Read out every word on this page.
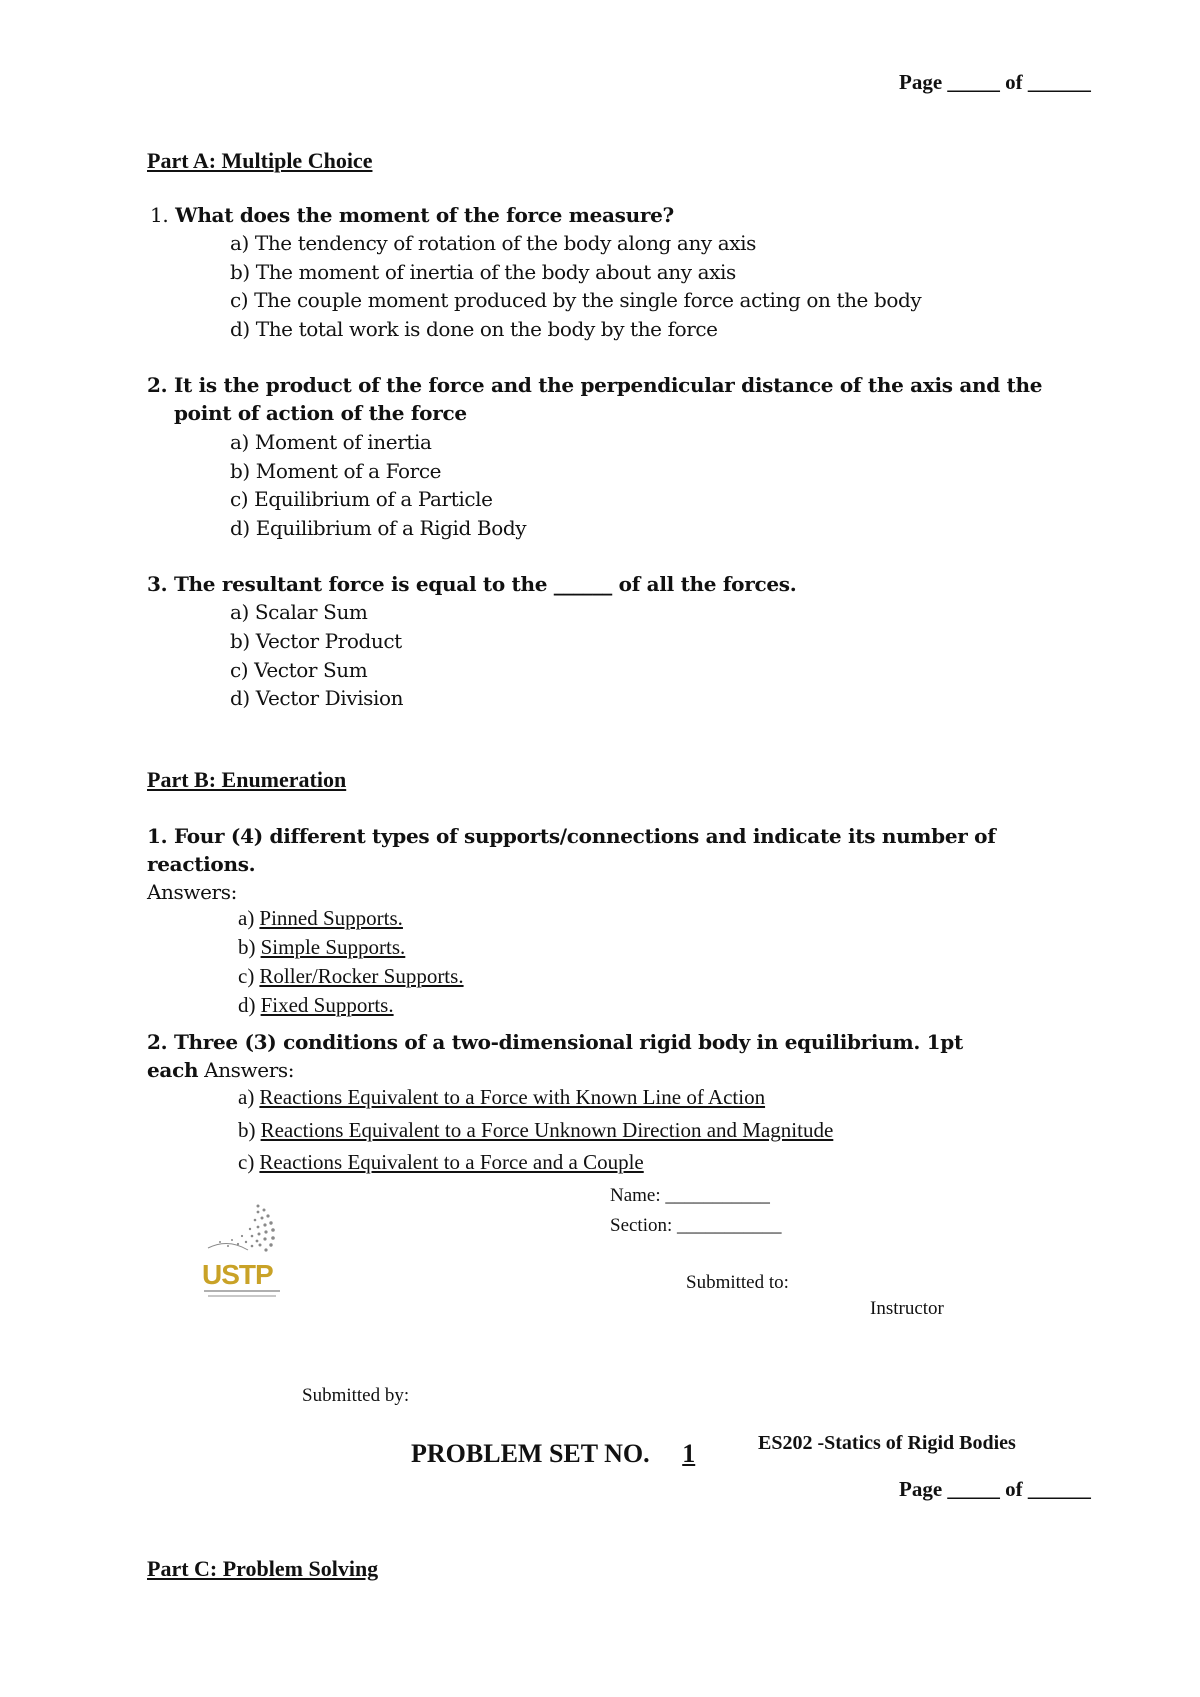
Page _____ of ______
Part A: Multiple Choice
1. What does the moment of the force measure?
a) The tendency of rotation of the body along any axis
b) The moment of inertia of the body about any axis
c) The couple moment produced by the single force acting on the body
d) The total work is done on the body by the force
2. It is the product of the force and the perpendicular distance of the axis and the
point of action of the force
a) Moment of inertia
b) Moment of a Force
c) Equilibrium of a Particle
d) Equilibrium of a Rigid Body
3. The resultant force is equal to the ______ of all the forces.
a) Scalar Sum
b) Vector Product
c) Vector Sum
d) Vector Division
Part B: Enumeration
1. Four (4) different types of supports/connections and indicate its number of
reactions.
Answers:
a) Pinned Supports.
b) Simple Supports.
c) Roller/Rocker Supports.
d) Fixed Supports.
2. Three (3) conditions of a two-dimensional rigid body in equilibrium. 1pt
each Answers:
a) Reactions Equivalent to a Force with Known Line of Action
b) Reactions Equivalent to a Force Unknown Direction and Magnitude
c) Reactions Equivalent to a Force and a Couple
USTP
Name: ___________
Section: ___________
Submitted to:
Instructor
Submitted by:
PROBLEM SET NO. 1	ES202 -Statics of Rigid Bodies
Page _____ of ______
Part C: Problem Solving
